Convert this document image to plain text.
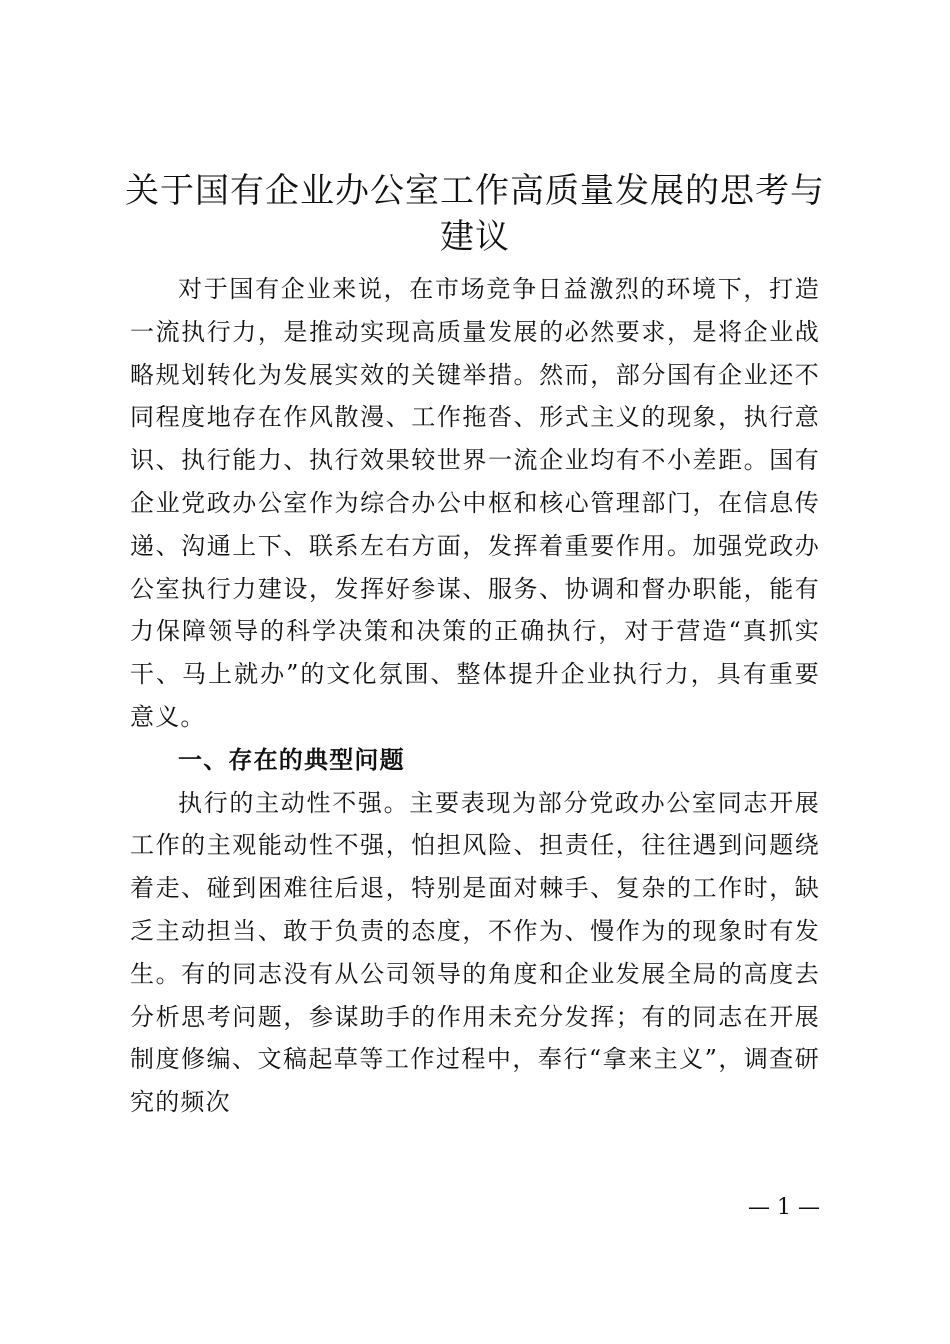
关于国有企业办公室工作高质量发展的思考与建议

对于国有企业来说，在市场竞争日益激烈的环境下，打造一流执行力，是推动实现高质量发展的必然要求，是将企业战略规划转化为发展实效的关键举措。然而，部分国有企业还不同程度地存在作风散漫、工作拖沓、形式主义的现象，执行意识、执行能力、执行效果较世界一流企业均有不小差距。国有企业党政办公室作为综合办公中枢和核心管理部门，在信息传递、沟通上下、联系左右方面，发挥着重要作用。加强党政办公室执行力建设，发挥好参谋、服务、协调和督办职能，能有力保障领导的科学决策和决策的正确执行，对于营造“真抓实干、马上就办”的文化氛围、整体提升企业执行力，具有重要意义。

一、存在的典型问题

执行的主动性不强。主要表现为部分党政办公室同志开展工作的主观能动性不强，怕担风险、担责任，往往遇到问题绕着走、碰到困难往后退，特别是面对棘手、复杂的工作时，缺乏主动担当、敢于负责的态度，不作为、慢作为的现象时有发生。有的同志没有从公司领导的角度和企业发展全局的高度去分析思考问题，参谋助手的作用未充分发挥；有的同志在开展制度修编、文稿起草等工作过程中，奉行“拿来主义”，调查研究的频次

— 1 —
